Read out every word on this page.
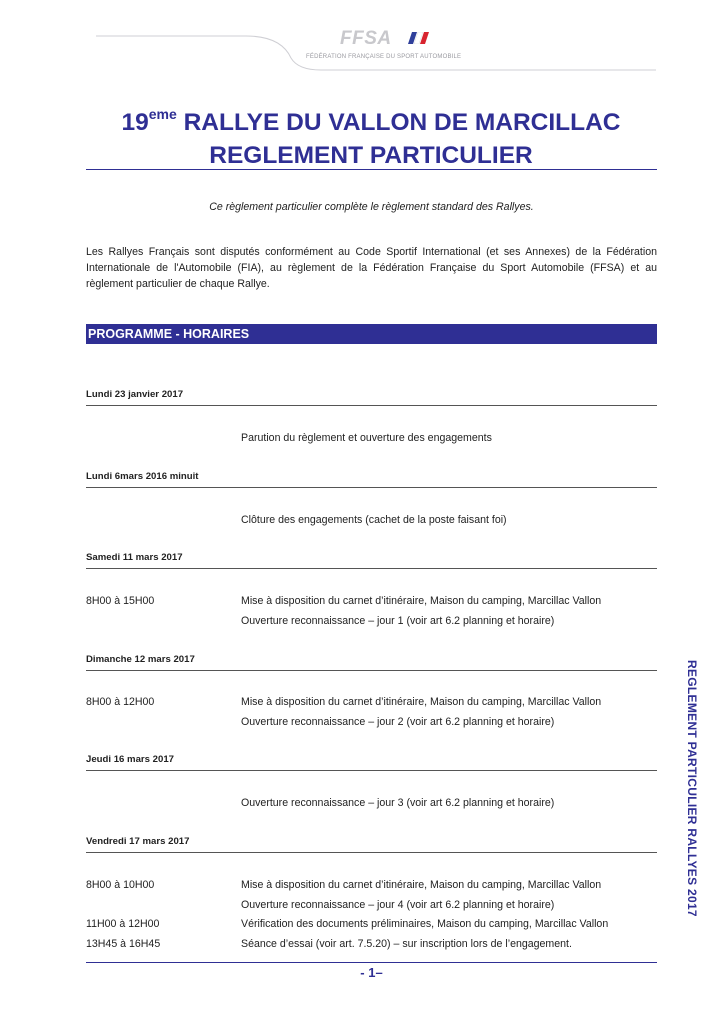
FFSA
FÉDÉRATION FRANÇAISE DU SPORT AUTOMOBILE
19eme RALLYE DU VALLON DE MARCILLAC
REGLEMENT PARTICULIER
Ce règlement particulier complète le règlement standard des Rallyes.
Les Rallyes Français sont disputés conformément au Code Sportif International (et ses Annexes) de la Fédération Internationale de l'Automobile (FIA), au règlement de la Fédération Française du Sport Automobile (FFSA) et au règlement particulier de chaque Rallye.
PROGRAMME - HORAIRES
Lundi 23 janvier 2017
Parution du règlement et ouverture des engagements
Lundi 6mars 2016 minuit
Clôture des engagements (cachet de la poste faisant foi)
Samedi 11 mars 2017
8H00 à 15H00	Mise à disposition du carnet d’itinéraire, Maison du camping, Marcillac Vallon
Ouverture reconnaissance – jour 1 (voir art 6.2 planning et horaire)
Dimanche 12 mars 2017
8H00 à 12H00	Mise à disposition du carnet d’itinéraire, Maison du camping, Marcillac Vallon
Ouverture reconnaissance – jour 2 (voir art 6.2 planning et horaire)
Jeudi 16 mars 2017
Ouverture reconnaissance – jour 3 (voir art 6.2 planning et horaire)
Vendredi 17 mars 2017
8H00 à 10H00	Mise à disposition du carnet d’itinéraire, Maison du camping, Marcillac Vallon
Ouverture reconnaissance – jour 4 (voir art 6.2 planning et horaire)
11H00 à 12H00	Vérification des documents préliminaires, Maison du camping, Marcillac Vallon
13H45 à 16H45	Séance d’essai (voir art. 7.5.20) – sur inscription lors de l’engagement.
- 1–
REGLEMENT PARTICULIER RALLYES 2017
